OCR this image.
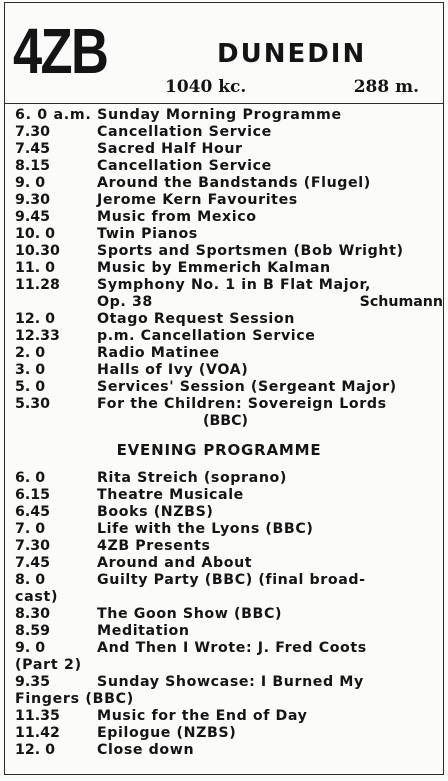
4ZB	DUNEDIN
1040 kc.	288 m.
6. 0 a.m. Sunday Morning Programme
7.30	Cancellation Service
7.45	Sacred Half Hour
8.15	Cancellation Service
9. 0	Around the Bandstands (Flugel)
9.30	Jerome Kern Favourites
9.45	Music from Mexico
10. 0	Twin Pianos
10.30	Sports and Sportsmen (Bob Wright)
11. 0	Music by Emmerich Kalman
11.28	Symphony No. 1 in B Flat Major,
Op. 38	Schumann
12. 0	Otago Request Session
12.33	p.m. Cancellation Service
2. 0	Radio Matinee
3. 0	Halls of Ivy (VOA)
5. 0	Services' Session (Sergeant Major)
5.30	For the Children: Sovereign Lords
(BBC)
EVENING PROGRAMME
6. 0	Rita Streich (soprano)
6.15	Theatre Musicale
6.45	Books (NZBS)
7. 0	Life with the Lyons (BBC)
7.30	4ZB Presents
7.45	Around and About
8. 0	Guilty Party (BBC) (final broad-
cast)
8.30	The Goon Show (BBC)
8.59	Meditation
9. 0	And Then I Wrote: J. Fred Coots
(Part 2)
9.35	Sunday Showcase: I Burned My
Fingers (BBC)
11.35	Music for the End of Day
11.42	Epilogue (NZBS)
12. 0	Close down
